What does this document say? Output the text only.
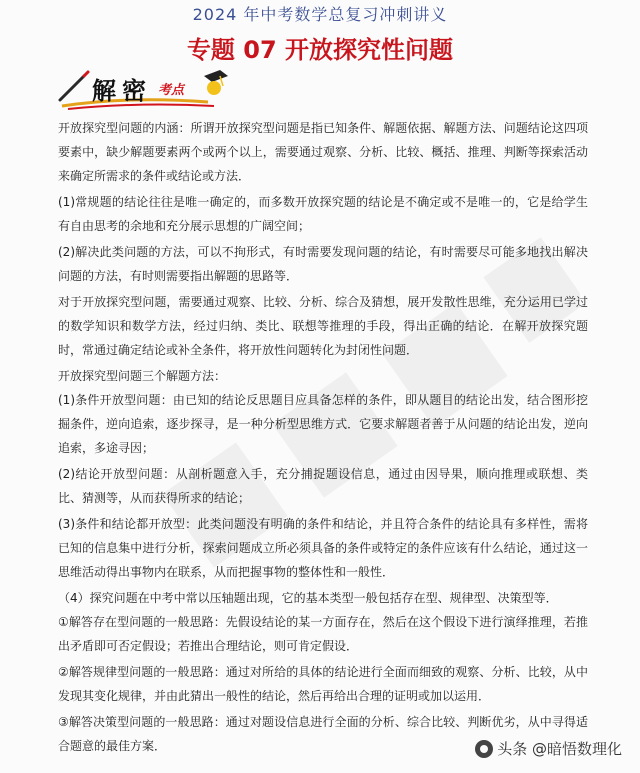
2024 年中考数学总复习冲刺讲义
专题 07 开放探究性问题
解 密 考点

开放探究型问题的内涵：所谓开放探究型问题是指已知条件、解题依据、解题方法、问题结论这四项要素中，缺少解题要素两个或两个以上，需要通过观察、分析、比较、概括、推理、判断等探索活动来确定所需求的条件或结论或方法．

(1)常规题的结论往往是唯一确定的，而多数开放探究题的结论是不确定或不是唯一的，它是给学生有自由思考的余地和充分展示思想的广阔空间；

(2)解决此类问题的方法，可以不拘形式，有时需要发现问题的结论，有时需要尽可能多地找出解决问题的方法，有时则需要指出解题的思路等．

对于开放探究型问题，需要通过观察、比较、分析、综合及猜想，展开发散性思维，充分运用已学过的数学知识和数学方法，经过归纳、类比、联想等推理的手段，得出正确的结论．在解开放探究题时，常通过确定结论或补全条件，将开放性问题转化为封闭性问题．

开放探究型问题三个解题方法：

(1)条件开放型问题：由已知的结论反思题目应具备怎样的条件，即从题目的结论出发，结合图形挖掘条件，逆向追索，逐步探寻，是一种分析型思维方式．它要求解题者善于从问题的结论出发，逆向追索，多途寻因；

(2)结论开放型问题：从剖析题意入手，充分捕捉题设信息，通过由因导果，顺向推理或联想、类比、猜测等，从而获得所求的结论；

(3)条件和结论都开放型：此类问题没有明确的条件和结论，并且符合条件的结论具有多样性，需将已知的信息集中进行分析，探索问题成立所必须具备的条件或特定的条件应该有什么结论，通过这一思维活动得出事物内在联系，从而把握事物的整体性和一般性．

（4）探究问题在中考中常以压轴题出现，它的基本类型一般包括存在型、规律型、决策型等．

①解答存在型问题的一般思路：先假设结论的某一方面存在，然后在这个假设下进行演绎推理，若推出矛盾即可否定假设；若推出合理结论，则可肯定假设．

②解答规律型问题的一般思路：通过对所给的具体的结论进行全面而细致的观察、分析、比较，从中发现其变化规律，并由此猜出一般性的结论，然后再给出合理的证明或加以运用．

③解答决策型问题的一般思路：通过对题设信息进行全面的分析、综合比较、判断优劣，从中寻得适合题意的最佳方案．	头条 @暗悟数理化
